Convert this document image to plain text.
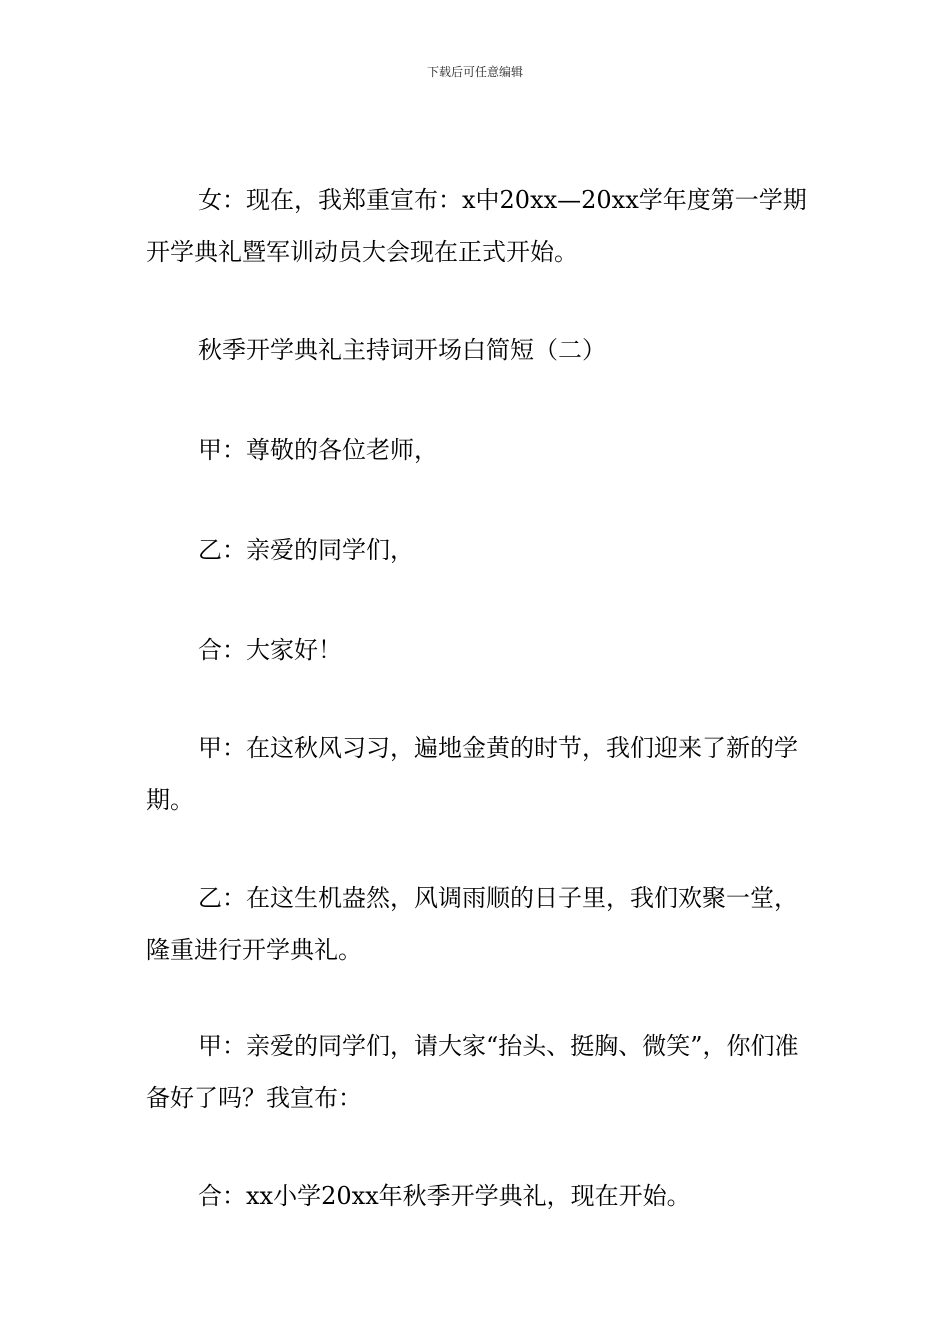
下载后可任意编辑

女：现在，我郑重宣布：x中20xx—20xx学年度第一学期开学典礼暨军训动员大会现在正式开始。

秋季开学典礼主持词开场白简短（二）

甲：尊敬的各位老师，

乙：亲爱的同学们，

合：大家好！

甲：在这秋风习习，遍地金黄的时节，我们迎来了新的学期。

乙：在这生机盎然，风调雨顺的日子里，我们欢聚一堂，隆重进行开学典礼。

甲：亲爱的同学们，请大家“抬头、挺胸、微笑”，你们准备好了吗？我宣布：

合：xx小学20xx年秋季开学典礼，现在开始。
